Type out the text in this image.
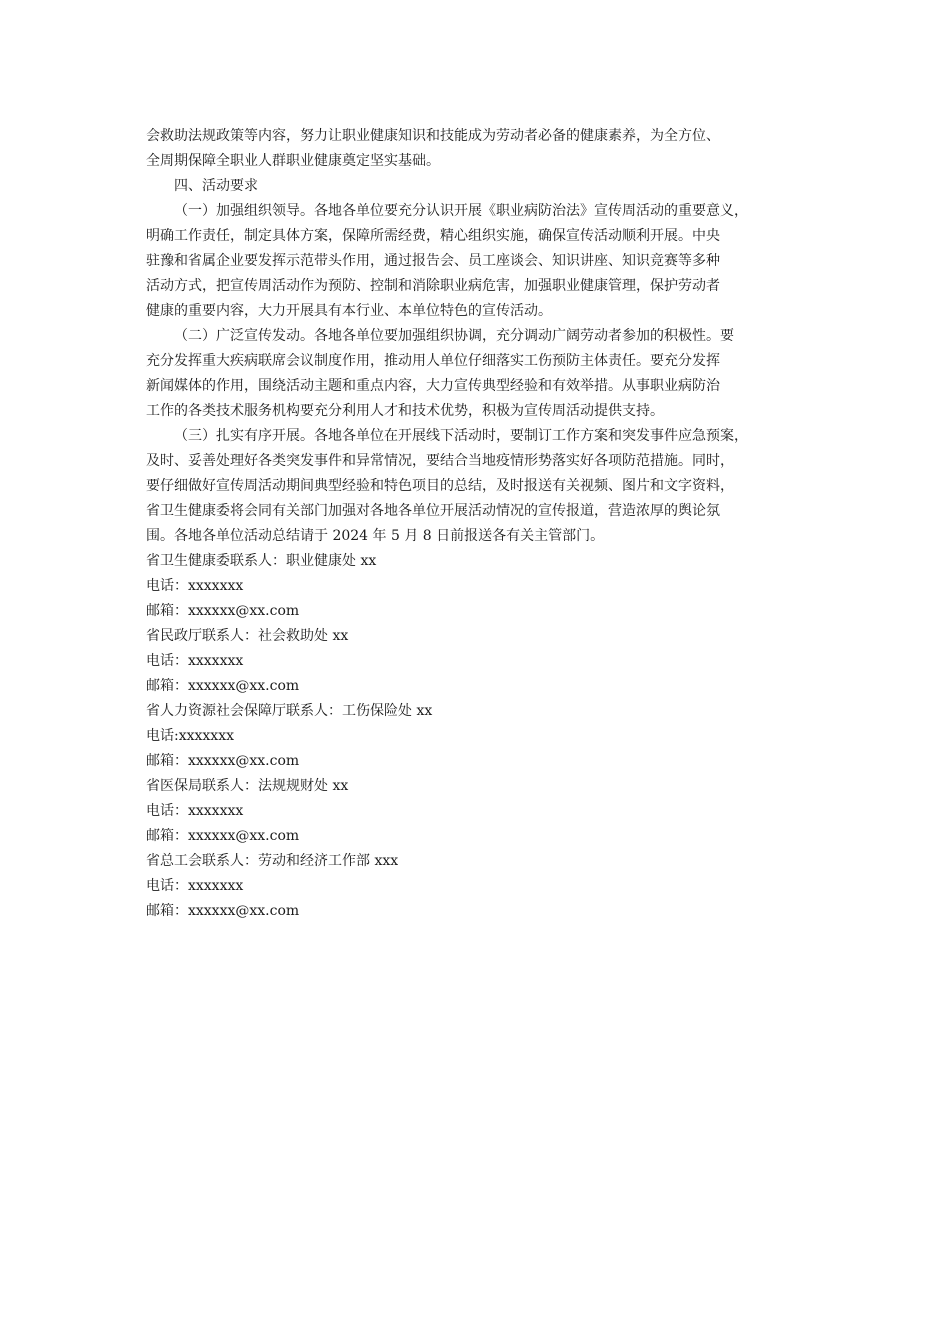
会救助法规政策等内容，努力让职业健康知识和技能成为劳动者必备的健康素养，为全方位、
全周期保障全职业人群职业健康奠定坚实基础。
四、活动要求
（一）加强组织领导。各地各单位要充分认识开展《职业病防治法》宣传周活动的重要意义，
明确工作责任，制定具体方案，保障所需经费，精心组织实施，确保宣传活动顺利开展。中央
驻豫和省属企业要发挥示范带头作用，通过报告会、员工座谈会、知识讲座、知识竞赛等多种
活动方式，把宣传周活动作为预防、控制和消除职业病危害，加强职业健康管理，保护劳动者
健康的重要内容，大力开展具有本行业、本单位特色的宣传活动。
（二）广泛宣传发动。各地各单位要加强组织协调，充分调动广阔劳动者参加的积极性。要
充分发挥重大疾病联席会议制度作用，推动用人单位仔细落实工伤预防主体责任。要充分发挥
新闻媒体的作用，围绕活动主题和重点内容，大力宣传典型经验和有效举措。从事职业病防治
工作的各类技术服务机构要充分利用人才和技术优势，积极为宣传周活动提供支持。
（三）扎实有序开展。各地各单位在开展线下活动时，要制订工作方案和突发事件应急预案，
及时、妥善处理好各类突发事件和异常情况，要结合当地疫情形势落实好各项防范措施。同时，
要仔细做好宣传周活动期间典型经验和特色项目的总结，及时报送有关视频、图片和文字资料，
省卫生健康委将会同有关部门加强对各地各单位开展活动情况的宣传报道，营造浓厚的舆论氛
围。各地各单位活动总结请于 2024 年 5 月 8 日前报送各有关主管部门。
省卫生健康委联系人：职业健康处 xx
电话：xxxxxxx
邮箱：xxxxxx@xx.com
省民政厅联系人：社会救助处 xx
电话：xxxxxxx
邮箱：xxxxxx@xx.com
省人力资源社会保障厅联系人：工伤保险处 xx
电话:xxxxxxx
邮箱：xxxxxx@xx.com
省医保局联系人：法规规财处 xx
电话：xxxxxxx
邮箱：xxxxxx@xx.com
省总工会联系人：劳动和经济工作部 xxx
电话：xxxxxxx
邮箱：xxxxxx@xx.com
